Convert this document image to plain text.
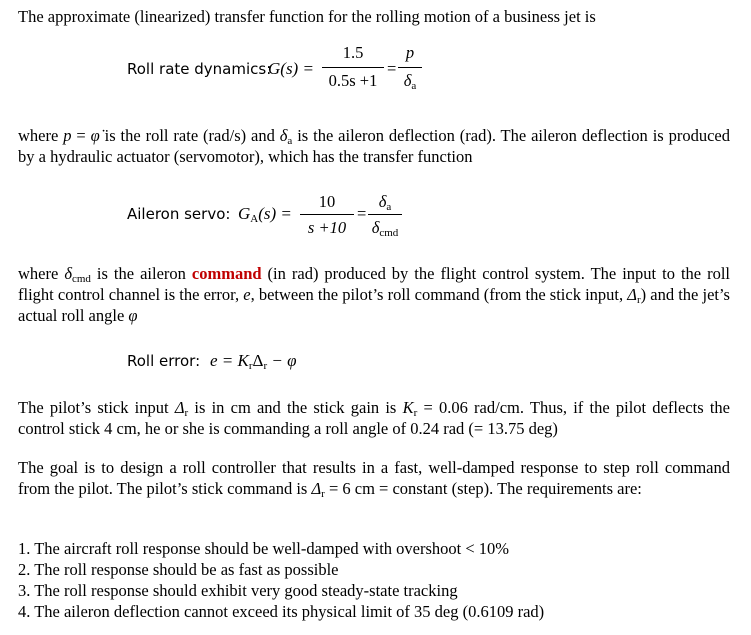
The approximate (linearized) transfer function for the rolling motion of a business jet is
Roll rate dynamics:
G(s) =
1.5
0.5s +1
=
p
$\delta_a$
where p = φ̇ is the roll rate (rad/s) and $\delta_a$ is the aileron deflection (rad). The aileron deflection is produced by a hydraulic actuator (servomotor), which has the transfer function
Aileron servo: $G_A(s)$ =
10
s +10
=
$\delta_a$
$\delta_{cmd}$
where $\delta_{cmd}$ is the aileron command (in rad) produced by the flight control system. The input to the roll flight control channel is the error, e, between the pilot’s roll command (from the stick input, $\Delta_r$) and the jet’s actual roll angle φ
Roll error: $e = K_r\Delta_r - \varphi$
The pilot’s stick input $\Delta_r$ is in cm and the stick gain is $K_r = 0.06$ rad/cm. Thus, if the pilot deflects the control stick 4 cm, he or she is commanding a roll angle of 0.24 rad (= 13.75 deg)
The goal is to design a roll controller that results in a fast, well-damped response to step roll command from the pilot. The pilot’s stick command is $\Delta_r = 6$ cm = constant (step). The requirements are:
1. The aircraft roll response should be well-damped with overshoot < 10%
2. The roll response should be as fast as possible
3. The roll response should exhibit very good steady-state tracking
4. The aileron deflection cannot exceed its physical limit of 35 deg (0.6109 rad)
